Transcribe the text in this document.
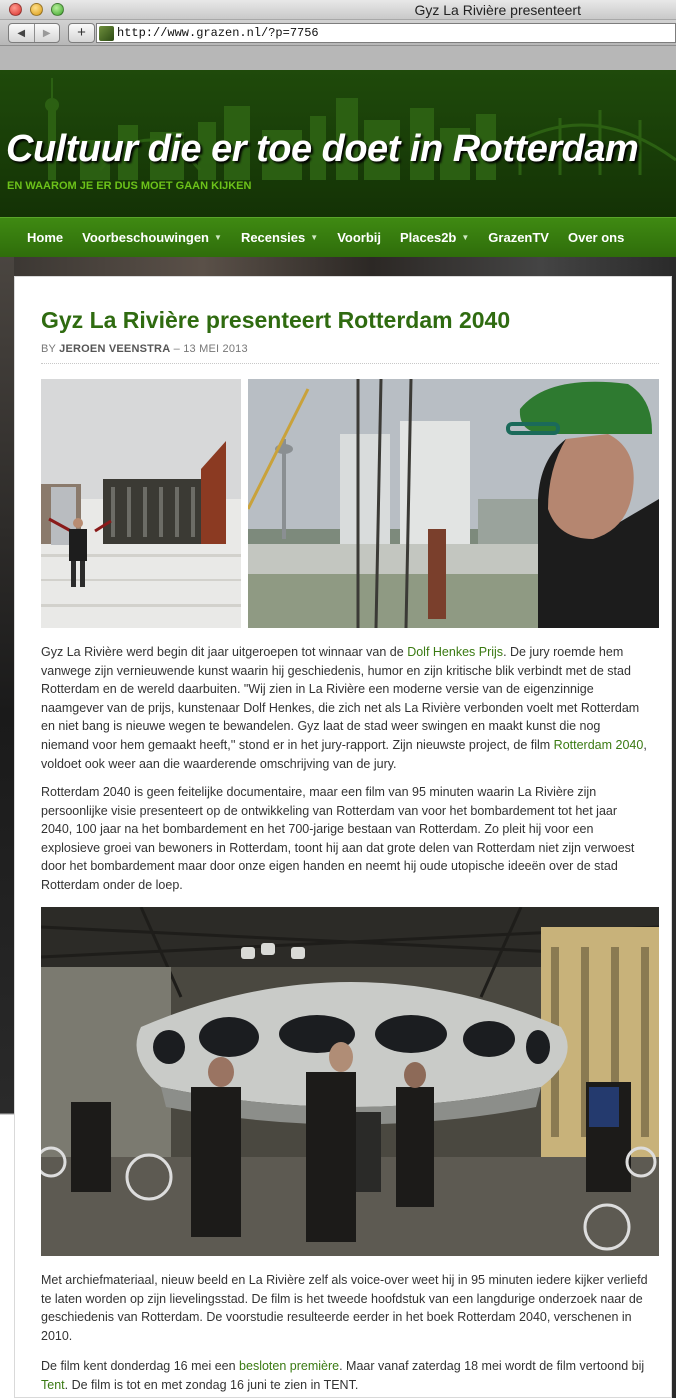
Gyz La Rivière presenteert
◀	▶	+	http://www.grazen.nl/?p=7756
Cultuur die er toe doet in Rotterdam
EN WAAROM JE ER DUS MOET GAAN KIJKEN
Home Voorbeschouwingen ▼ Recensies ▼ Voorbij Places2b ▼ GrazenTV Over ons
Gyz La Rivière presenteert Rotterdam 2040
BY JEROEN VEENSTRA – 13 MEI 2013
Gyz La Rivière werd begin dit jaar uitgeroepen tot winnaar van de Dolf Henkes Prijs. De jury roemde hem vanwege zijn vernieuwende kunst waarin hij geschiedenis, humor en zijn kritische blik verbindt met de stad Rotterdam en de wereld daarbuiten. "Wij zien in La Rivière een moderne versie van de eigenzinnige naamgever van de prijs, kunstenaar Dolf Henkes, die zich net als La Rivière verbonden voelt met Rotterdam en niet bang is nieuwe wegen te bewandelen. Gyz laat de stad weer swingen en maakt kunst die nog niemand voor hem gemaakt heeft,'' stond er in het jury-rapport. Zijn nieuwste project, de film Rotterdam 2040, voldoet ook weer aan die waarderende omschrijving van de jury.
Rotterdam 2040 is geen feitelijke documentaire, maar een film van 95 minuten waarin La Rivière zijn persoonlijke visie presenteert op de ontwikkeling van Rotterdam van voor het bombardement tot het jaar 2040, 100 jaar na het bombardement en het 700-jarige bestaan van Rotterdam. Zo pleit hij voor een explosieve groei van bewoners in Rotterdam, toont hij aan dat grote delen van Rotterdam niet zijn verwoest door het bombardement maar door onze eigen handen en neemt hij oude utopische ideeën over de stad Rotterdam onder de loep.
Met archiefmateriaal, nieuw beeld en La Rivière zelf als voice-over weet hij in 95 minuten iedere kijker verliefd te laten worden op zijn lievelingsstad. De film is het tweede hoofdstuk van een langdurige onderzoek naar de geschiedenis van Rotterdam. De voorstudie resulteerde eerder in het boek Rotterdam 2040, verschenen in 2010.
De film kent donderdag 16 mei een besloten première. Maar vanaf zaterdag 18 mei wordt de film vertoond bij Tent. De film is tot en met zondag 16 juni te zien in TENT.
